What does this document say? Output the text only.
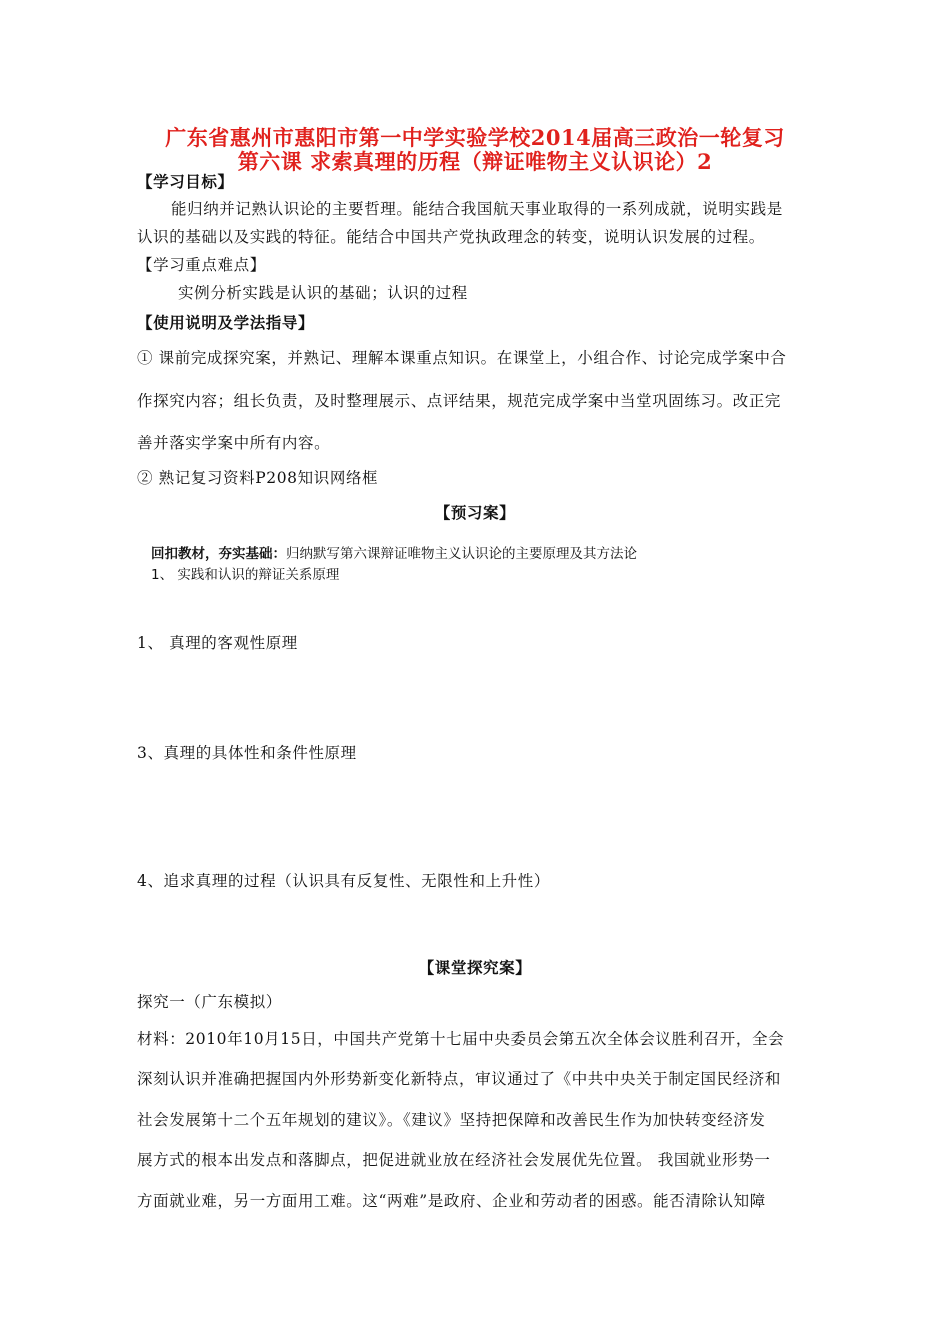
广东省惠州市惠阳市第一中学实验学校2014届高三政治一轮复习
第六课 求索真理的历程（辩证唯物主义认识论）2
【学习目标】
能归纳并记熟认识论的主要哲理。能结合我国航天事业取得的一系列成就，说明实践是
认识的基础以及实践的特征。能结合中国共产党执政理念的转变，说明认识发展的过程。
【学习重点难点】
实例分析实践是认识的基础；认识的过程
【使用说明及学法指导】
① 课前完成探究案，并熟记、理解本课重点知识。在课堂上，小组合作、讨论完成学案中合
作探究内容；组长负责，及时整理展示、点评结果，规范完成学案中当堂巩固练习。改正完
善并落实学案中所有内容。
② 熟记复习资料P208知识网络框
【预习案】
回扣教材，夯实基础：归纳默写第六课辩证唯物主义认识论的主要原理及其方法论
1、 实践和认识的辩证关系原理
1、 真理的客观性原理
3、真理的具体性和条件性原理
4、追求真理的过程（认识具有反复性、无限性和上升性）
【课堂探究案】
探究一（广东模拟）
材料：2010年10月15日，中国共产党第十七届中央委员会第五次全体会议胜利召开，全会
深刻认识并准确把握国内外形势新变化新特点，审议通过了《中共中央关于制定国民经济和
社会发展第十二个五年规划的建议》。《建议》坚持把保障和改善民生作为加快转变经济发
展方式的根本出发点和落脚点，把促进就业放在经济社会发展优先位置。 我国就业形势一
方面就业难，另一方面用工难。这“两难”是政府、企业和劳动者的困惑。能否清除认知障
